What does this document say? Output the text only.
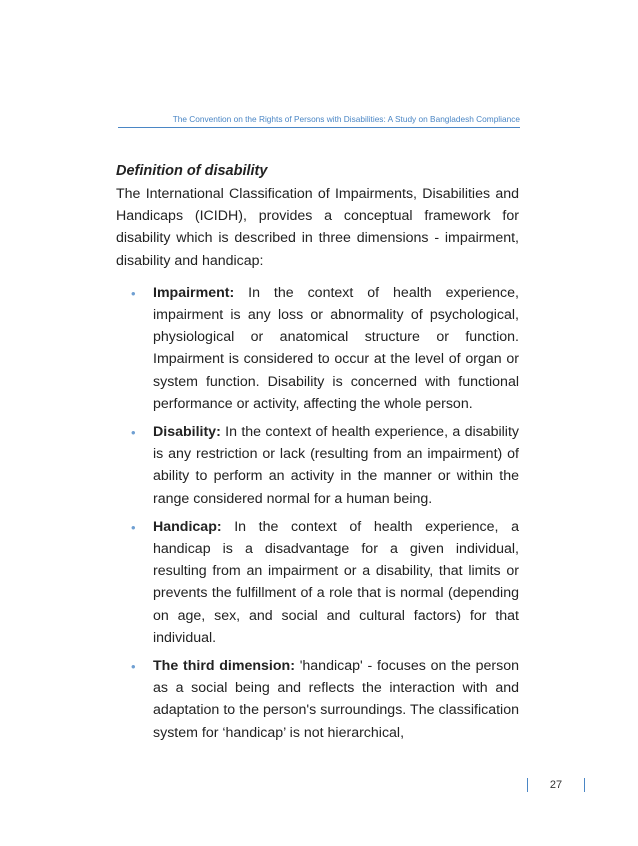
The Convention on the Rights of Persons with Disabilities: A Study on Bangladesh Compliance
Definition of disability

The International Classification of Impairments, Disabilities and Handicaps (ICIDH), provides a conceptual framework for disability which is described in three dimensions - impairment, disability and handicap:

• Impairment: In the context of health experience, impairment is any loss or abnormality of psychological, physiological or anatomical structure or function. Impairment is considered to occur at the level of organ or system function. Disability is concerned with functional performance or activity, affecting the whole person.
• Disability: In the context of health experience, a disability is any restriction or lack (resulting from an impairment) of ability to perform an activity in the manner or within the range considered normal for a human being.
• Handicap: In the context of health experience, a handicap is a disadvantage for a given individual, resulting from an impairment or a disability, that limits or prevents the fulfillment of a role that is normal (depending on age, sex, and social and cultural factors) for that individual.
• The third dimension: 'handicap' - focuses on the person as a social being and reflects the interaction with and adaptation to the person's surroundings. The classification system for ‘handicap’ is not hierarchical,
27
